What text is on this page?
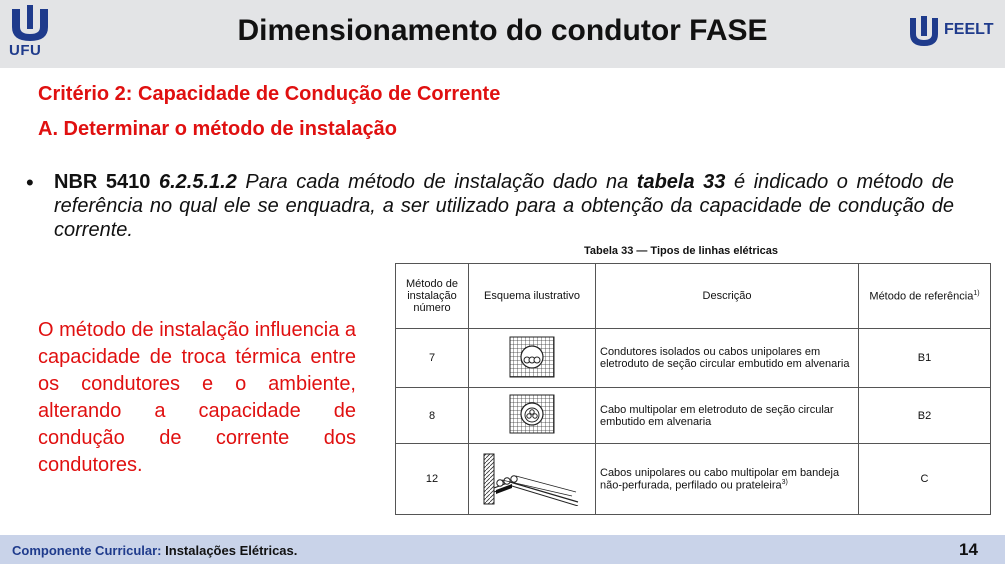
UFU
Dimensionamento do condutor FASE	FEELT
Critério 2: Capacidade de Condução de Corrente
A. Determinar o método de instalação
• NBR 5410 6.2.5.1.2 Para cada método de instalação dado na tabela 33 é indicado o método de referência no qual ele se enquadra, a ser utilizado para a obtenção da capacidade de condução de corrente.
O método de instalação influencia a capacidade de troca térmica entre os condutores e o ambiente, alterando a capacidade de condução de corrente dos condutores.
Tabela 33 — Tipos de linhas elétricas
Método de instalação número	Esquema ilustrativo	Descrição	Método de referência$^{1)}$
7		Condutores isolados ou cabos unipolares em eletroduto de seção circular embutido em alvenaria	B1
8		Cabo multipolar em eletroduto de seção circular embutido em alvenaria	B2
12		Cabos unipolares ou cabo multipolar em bandeja não-perfurada, perfilado ou prateleira$^{3)}$	C
Componente Curricular: Instalações Elétricas.	14
